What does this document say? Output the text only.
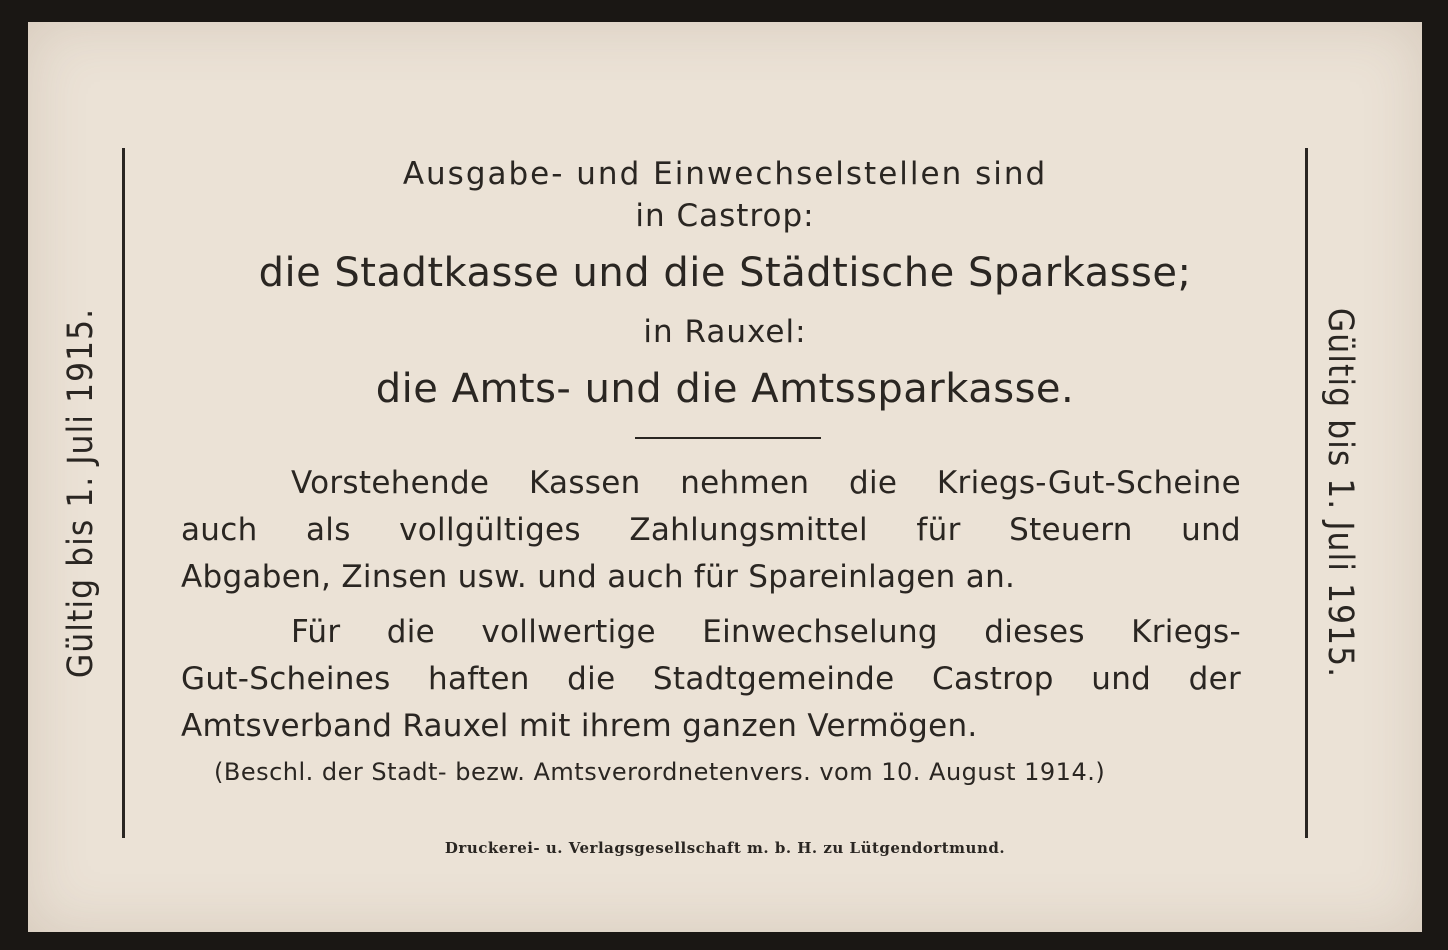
Gültig bis 1. Juli 1915.	Gültig bis 1. Juli 1915.
Ausgabe- und Einwechselstellen sind
in Castrop:
die Stadtkasse und die Städtische Sparkasse;
in Rauxel:
die Amts- und die Amtssparkasse.
Vorstehende Kassen nehmen die Kriegs-Gut-Scheine
auch als vollgültiges Zahlungsmittel für Steuern und
Abgaben, Zinsen usw. und auch für Spareinlagen an.
Für die vollwertige Einwechselung dieses Kriegs-
Gut-Scheines haften die Stadtgemeinde Castrop und der
Amtsverband Rauxel mit ihrem ganzen Vermögen.
(Beschl. der Stadt- bezw. Amtsverordnetenvers. vom 10. August 1914.)
Druckerei- u. Verlagsgesellschaft m. b. H. zu Lütgendortmund.
